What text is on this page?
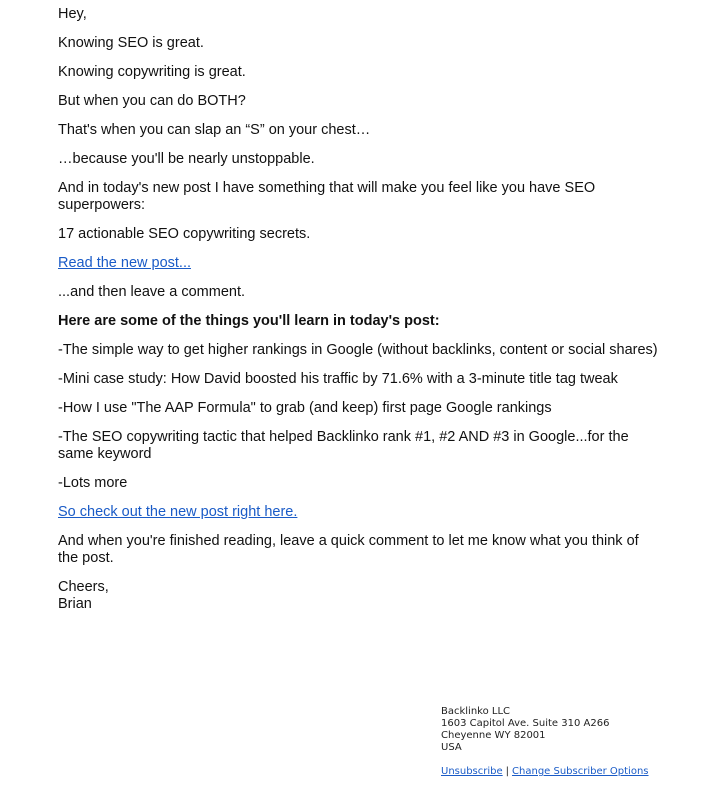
Hey,

Knowing SEO is great.

Knowing copywriting is great.

But when you can do BOTH?

That's when you can slap an “S” on your chest…

…because you'll be nearly unstoppable.

And in today's new post I have something that will make you feel like you have SEO superpowers:

17 actionable SEO copywriting secrets.

Read the new post...

...and then leave a comment.

Here are some of the things you'll learn in today's post:

-The simple way to get higher rankings in Google (without backlinks, content or social shares)

-Mini case study: How David boosted his traffic by 71.6% with a 3-minute title tag tweak

-How I use "The AAP Formula" to grab (and keep) first page Google rankings

-The SEO copywriting tactic that helped Backlinko rank #1, #2 AND #3 in Google...for the same keyword

-Lots more

So check out the new post right here.

And when you're finished reading, leave a quick comment to let me know what you think of the post.

Cheers,
Brian
Backlinko LLC
1603 Capitol Ave. Suite 310 A266
Cheyenne WY 82001
USA
Unsubscribe | Change Subscriber Options
